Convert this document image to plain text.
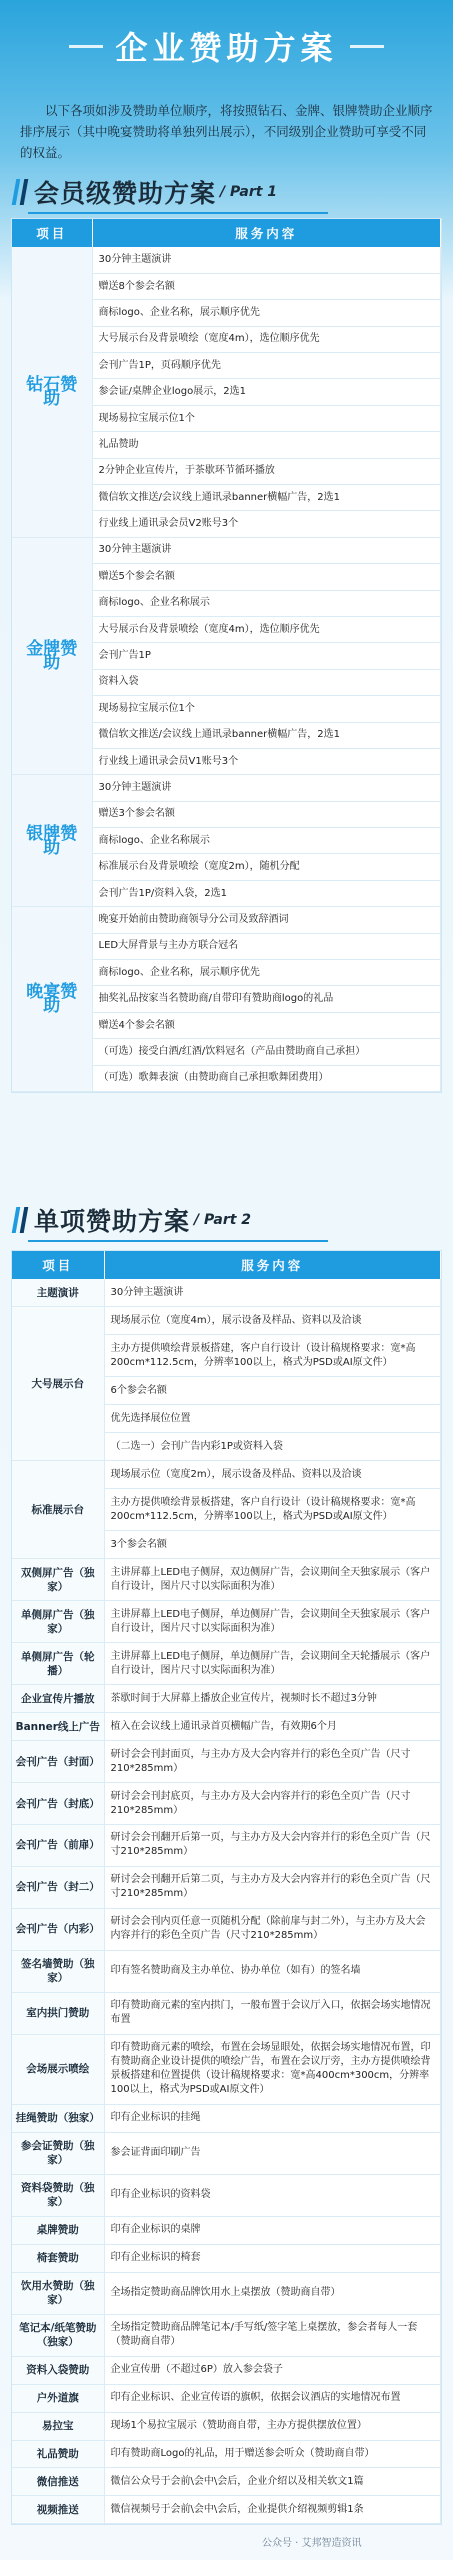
企业赞助方案

以下各项如涉及赞助单位顺序，将按照钻石、金牌、银牌赞助企业顺序排序展示（其中晚宴赞助将单独列出展示），不同级别企业赞助可享受不同的权益。

会员级赞助方案 / Part 1
项目	服务内容
钻石赞助	30分钟主题演讲
	赠送8个参会名额
	商标logo、企业名称，展示顺序优先
	大号展示台及背景喷绘（宽度4m），选位顺序优先
	会刊广告1P，页码顺序优先
	参会证/桌牌企业logo展示，2选1
	现场易拉宝展示位1个
	礼品赞助
	2分钟企业宣传片，于茶歇环节循环播放
	微信软文推送/会议线上通讯录banner横幅广告，2选1
	行业线上通讯录会员V2账号3个
金牌赞助	30分钟主题演讲
	赠送5个参会名额
	商标logo、企业名称展示
	大号展示台及背景喷绘（宽度4m），选位顺序优先
	会刊广告1P
	资料入袋
	现场易拉宝展示位1个
	微信软文推送/会议线上通讯录banner横幅广告，2选1
	行业线上通讯录会员V1账号3个
银牌赞助	30分钟主题演讲
	赠送3个参会名额
	商标logo、企业名称展示
	标准展示台及背景喷绘（宽度2m），随机分配
	会刊广告1P/资料入袋，2选1
晚宴赞助	晚宴开始前由赞助商领导分公司及致辞酒词
	LED大屏背景与主办方联合冠名
	商标logo、企业名称，展示顺序优先
	抽奖礼品按家当名赞助商/自带印有赞助商logo的礼品
	赠送4个参会名额
	（可选）接受白酒/红酒/饮料冠名（产品由赞助商自己承担）
	（可选）歌舞表演（由赞助商自己承担歌舞团费用）
单项赞助方案 / Part 2
项目	服务内容
主题演讲	30分钟主题演讲
大号展示台	现场展示位（宽度4m），展示设备及样品、资料以及洽谈
	主办方提供喷绘背景板搭建，客户自行设计（设计稿规格要求：宽*高200cm*112.5cm，分辨率100以上，格式为PSD或AI原文件）
	6个参会名额
	优先选择展位位置
	（二选一）会刊广告内彩1P或资料入袋
标准展示台	现场展示位（宽度2m），展示设备及样品、资料以及洽谈
	主办方提供喷绘背景板搭建，客户自行设计（设计稿规格要求：宽*高200cm*112.5cm，分辨率100以上，格式为PSD或AI原文件）
	3个参会名额
双侧屏广告（独家）	主讲屏幕上LED电子侧屏，双边侧屏广告，会议期间全天独家展示（客户自行设计，图片尺寸以实际面积为准）
单侧屏广告（独家）	主讲屏幕上LED电子侧屏，单边侧屏广告，会议期间全天独家展示（客户自行设计，图片尺寸以实际面积为准）
单侧屏广告（轮播）	主讲屏幕上LED电子侧屏，单边侧屏广告，会议期间全天轮播展示（客户自行设计，图片尺寸以实际面积为准）
企业宣传片播放	茶歇时间于大屏幕上播放企业宣传片，视频时长不超过3分钟
Banner线上广告	植入在会议线上通讯录首页横幅广告，有效期6个月
会刊广告（封面）	研讨会会刊封面页，与主办方及大会内容并行的彩色全页广告（尺寸210*285mm）
会刊广告（封底）	研讨会会刊封底页，与主办方及大会内容并行的彩色全页广告（尺寸210*285mm）
会刊广告（前扉）	研讨会会刊翻开后第一页，与主办方及大会内容并行的彩色全页广告（尺寸210*285mm）
会刊广告（封二）	研讨会会刊翻开后第二页，与主办方及大会内容并行的彩色全页广告（尺寸210*285mm）
会刊广告（内彩）	研讨会会刊内页任意一页随机分配（除前扉与封二外），与主办方及大会内容并行的彩色全页广告（尺寸210*285mm）
签名墙赞助（独家）	印有签名赞助商及主办单位、协办单位（如有）的签名墙
室内拱门赞助	印有赞助商元素的室内拱门，一般布置于会议厅入口，依据会场实地情况布置
会场展示喷绘	印有赞助商元素的喷绘，布置在会场显眼处，依据会场实地情况布置，印有赞助商企业设计提供的喷绘广告，布置在会议厅旁，主办方提供喷绘背景板搭建和位置提供（设计稿规格要求：宽*高400cm*300cm，分辨率100以上，格式为PSD或AI原文件）
挂绳赞助（独家）	印有企业标识的挂绳
参会证赞助（独家）	参会证背面印刷广告
资料袋赞助（独家）	印有企业标识的资料袋
桌牌赞助	印有企业标识的桌牌
椅套赞助	印有企业标识的椅套
饮用水赞助（独家）	全场指定赞助商品牌饮用水上桌摆放（赞助商自带）
笔记本/纸笔赞助（独家）	全场指定赞助商品牌笔记本/手写纸/签字笔上桌摆放，参会者每人一套（赞助商自带）
资料入袋赞助	企业宣传册（不超过6P）放入参会袋子
户外道旗	印有企业标识、企业宣传语的旗帜，依据会议酒店的实地情况布置
易拉宝	现场1个易拉宝展示（赞助商自带，主办方提供摆放位置）
礼品赞助	印有赞助商Logo的礼品，用于赠送参会听众（赞助商自带）
微信推送	微信公众号于会前\会中\会后，企业介绍以及相关软文1篇
视频推送	微信视频号于会前\会中\会后，企业提供介绍视频剪辑1条
公众号 · 艾邦智造资讯
